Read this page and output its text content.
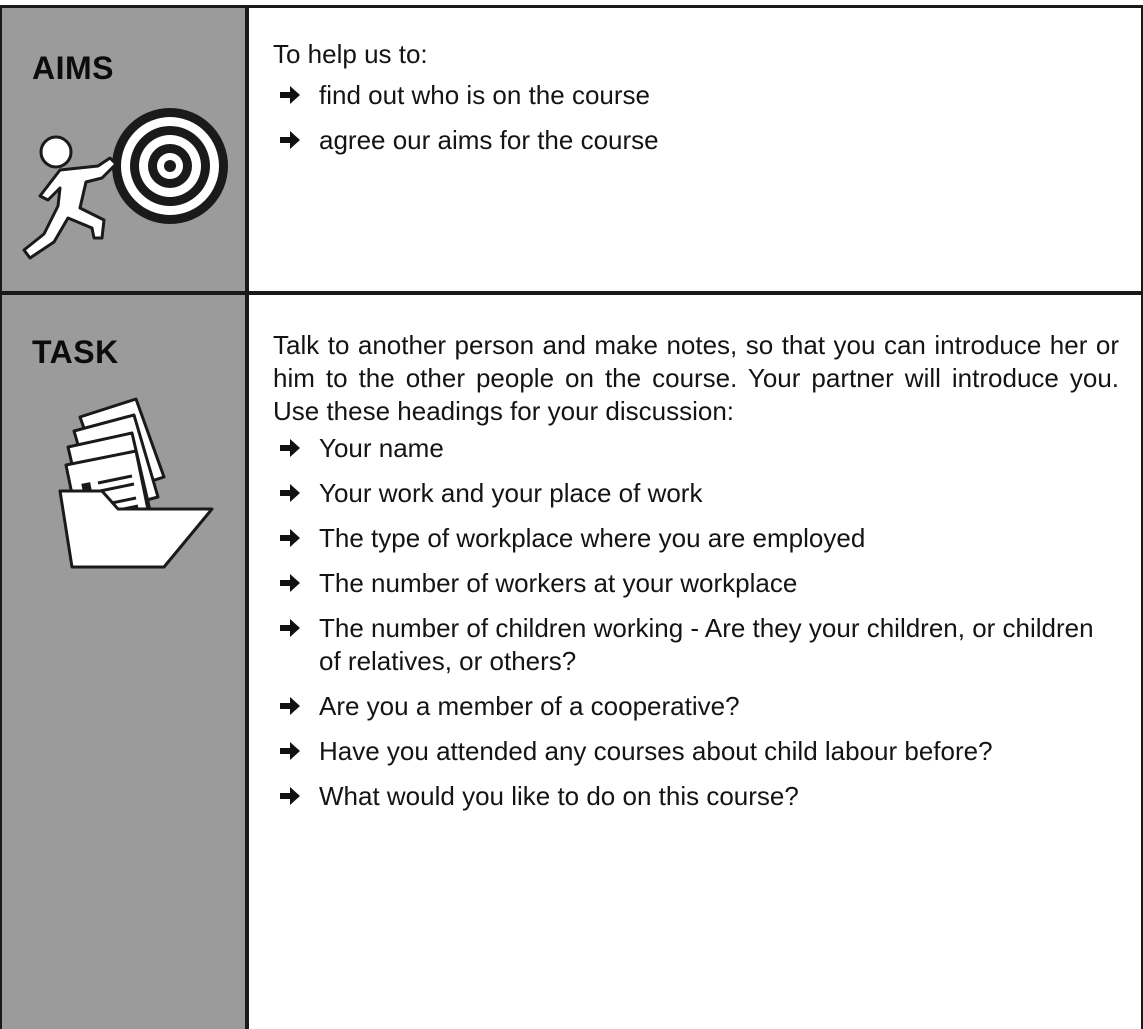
AIMS	To help us to:

find out who is on the course
agree our aims for the course
TASK	Talk to another person and make notes, so that you can introduce her or him to the other people on the course. Your partner will introduce you. Use these headings for your discussion:

Your name
Your work and your place of work
The type of workplace where you are employed
The number of workers at your workplace
The number of children working - Are they your children, or children of relatives, or others?
Are you a member of a cooperative?
Have you attended any courses about child labour before?
What would you like to do on this course?
